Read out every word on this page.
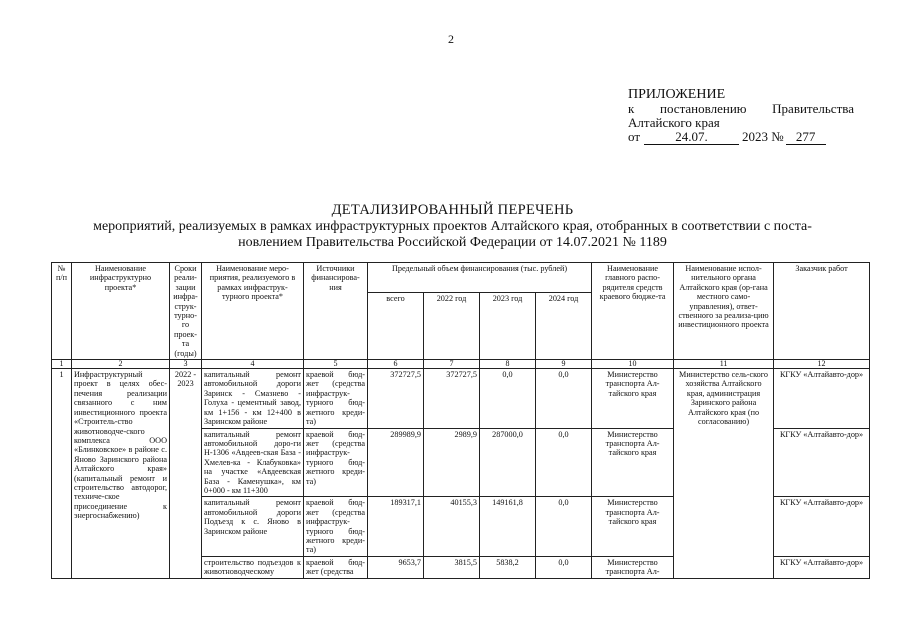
2
ПРИЛОЖЕНИЕ
к постановлению Правительства
Алтайского края
от	24.07.	2023 № 277
ДЕТАЛИЗИРОВАННЫЙ ПЕРЕЧЕНЬ
мероприятий, реализуемых в рамках инфраструктурных проектов Алтайского края, отобранных в соответствии с поста-
новлением Правительства Российской Федерации от 14.07.2021 № 1189
№ п/п	Наименование инфраструктурно проекта*	Сроки реали-зации инфра-струк-турно-го проек-та (годы)	Наименование меро-приятия, реализуемого в рамках инфраструк-турного проекта*	Источники финансирова-ния	Предельный объем финансирования (тыс. рублей)				Наименование главного распо-рядителя средств краевого бюджe-та	Наименование испол-нительного органа Алтайского края (ор-гана местного само-управления), ответ-ственного за реализа-цию инвестиционного проекта	Заказчик работ
					всего	2022 год	2023 год	2024 год			
1	2	3	4	5	6	7	8	9	10	11	12
1	Инфраструктурный проект в целях обес-печения реализации связанного с ним инвестиционного проекта «Строитель-ство животноводче-ского комплекса ООО «Блинковское» в районе с. Яново Заринского района Алтайского края» (капитальный ремонт и строительство автодорог, техниче-ское присоединение к энергоснабжению)	2022 - 2023	капитальный ремонт автомобильной дороги Заринск - Смазнево - Голуха - цементный завод, км 1+156 - км 12+400 в Заринском районе	краевой бюд-жет (средства инфраструк-турного бюд-жетного креди-та)	372727,5	372727,5	0,0	0,0	Министерство транспорта Ал-тайского края	Министерство сель-ского хозяйства Алтайского края, администрация Заринского района Алтайского края (по согласованию)	КГКУ «Алтайавто-дор»
			капитальный ремонт автомобильной доро-ги Н-1306 «Авдеев-ская База - Хмелев-ка - Клабуковка» на участке «Авдеевская База - Каменушка», км 0+000 - км 11+300	краевой бюд-жет (средства инфраструк-турного бюд-жетного креди-та)	289989,9	2989,9	287000,0	0,0	Министерство транспорта Ал-тайского края		КГКУ «Алтайавто-дор»
			капитальный ремонт автомобильной дороги Подъезд к с. Яново в Заринском районе	краевой бюд-жет (средства инфраструк-турного бюд-жетного креди-та)	189317,1	40155,3	149161,8	0,0	Министерство транспорта Ал-тайского края		КГКУ «Алтайавто-дор»
			строительство подъездов к животноводческому	краевой бюд-жет (средства	9653,7	3815,5	5838,2	0,0	Министерство транспорта Ал-		КГКУ «Алтайавто-дор»
